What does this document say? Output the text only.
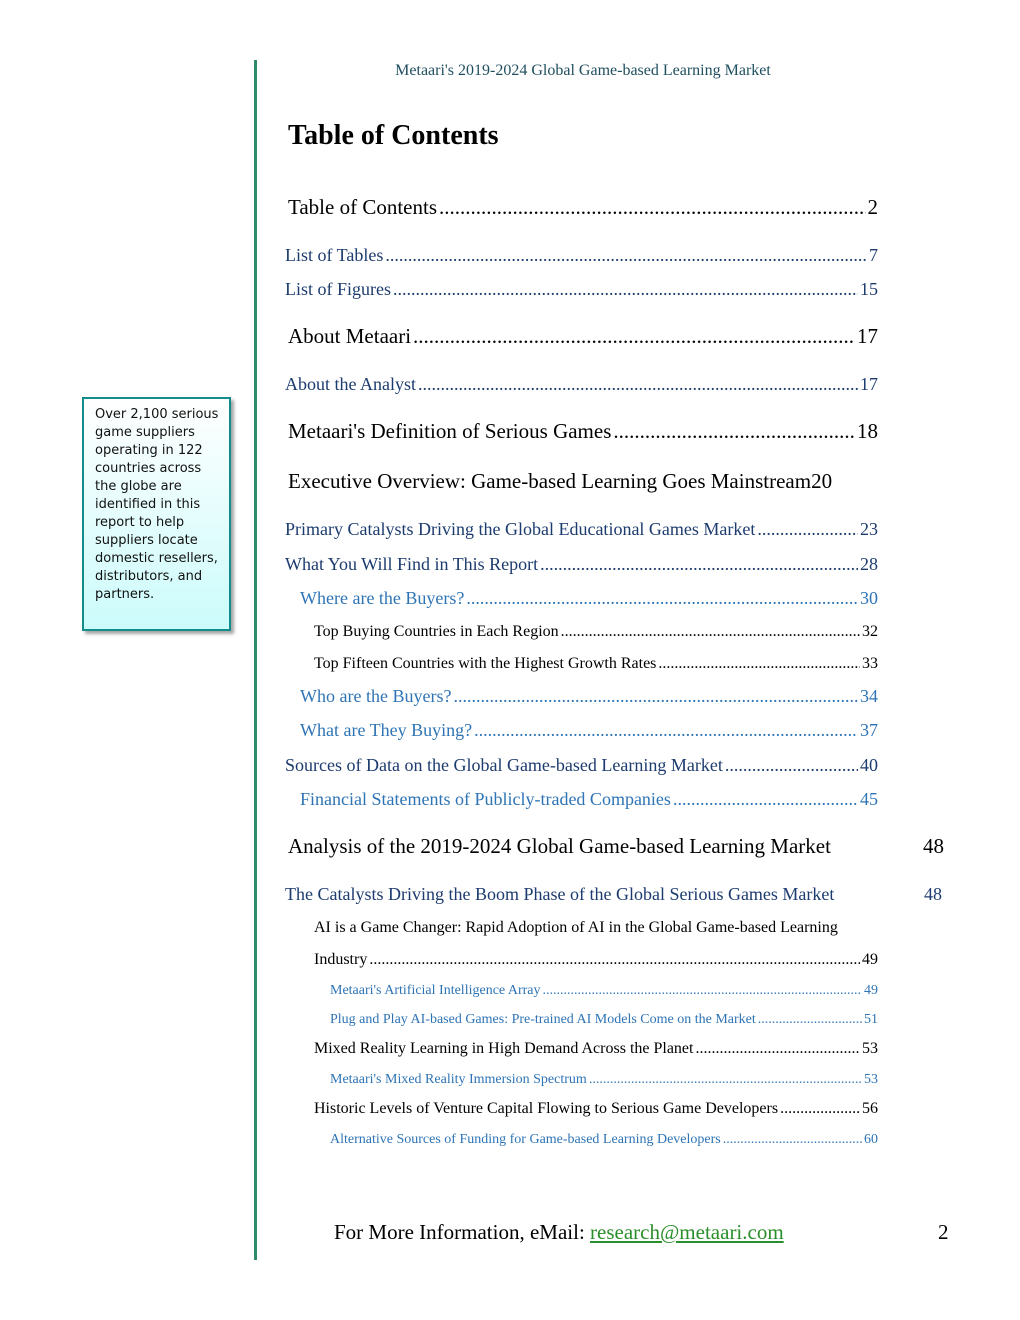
Metaari's 2019-2024 Global Game-based Learning Market
Table of Contents
Over 2,100 serious game suppliers operating in 122 countries across the globe are identified in this report to help suppliers locate domestic resellers, distributors, and partners.
Table of Contents .....	2
List of Tables .....	7
List of Figures .....	15
About Metaari .....	17
About the Analyst .....	17
Metaari's Definition of Serious Games .....	18
Executive Overview: Game-based Learning Goes Mainstream20
Primary Catalysts Driving the Global Educational Games Market .....	23
What You Will Find in This Report .....	28
Where are the Buyers? .....	30
Top Buying Countries in Each Region .....	32
Top Fifteen Countries with the Highest Growth Rates .....	33
Who are the Buyers? .....	34
What are They Buying? .....	37
Sources of Data on the Global Game-based Learning Market .....	40
Financial Statements of Publicly-traded Companies .....	45
Analysis of the 2019-2024 Global Game-based Learning Market	48
The Catalysts Driving the Boom Phase of the Global Serious Games Market	48
AI is a Game Changer: Rapid Adoption of AI in the Global Game-based Learning
Industry .....	49
Metaari's Artificial Intelligence Array .....	49
Plug and Play AI-based Games: Pre-trained AI Models Come on the Market .....	51
Mixed Reality Learning in High Demand Across the Planet .....	53
Metaari's Mixed Reality Immersion Spectrum .....	53
Historic Levels of Venture Capital Flowing to Serious Game Developers .....	56
Alternative Sources of Funding for Game-based Learning Developers .....	60
For More Information, eMail: research@metaari.com	2
